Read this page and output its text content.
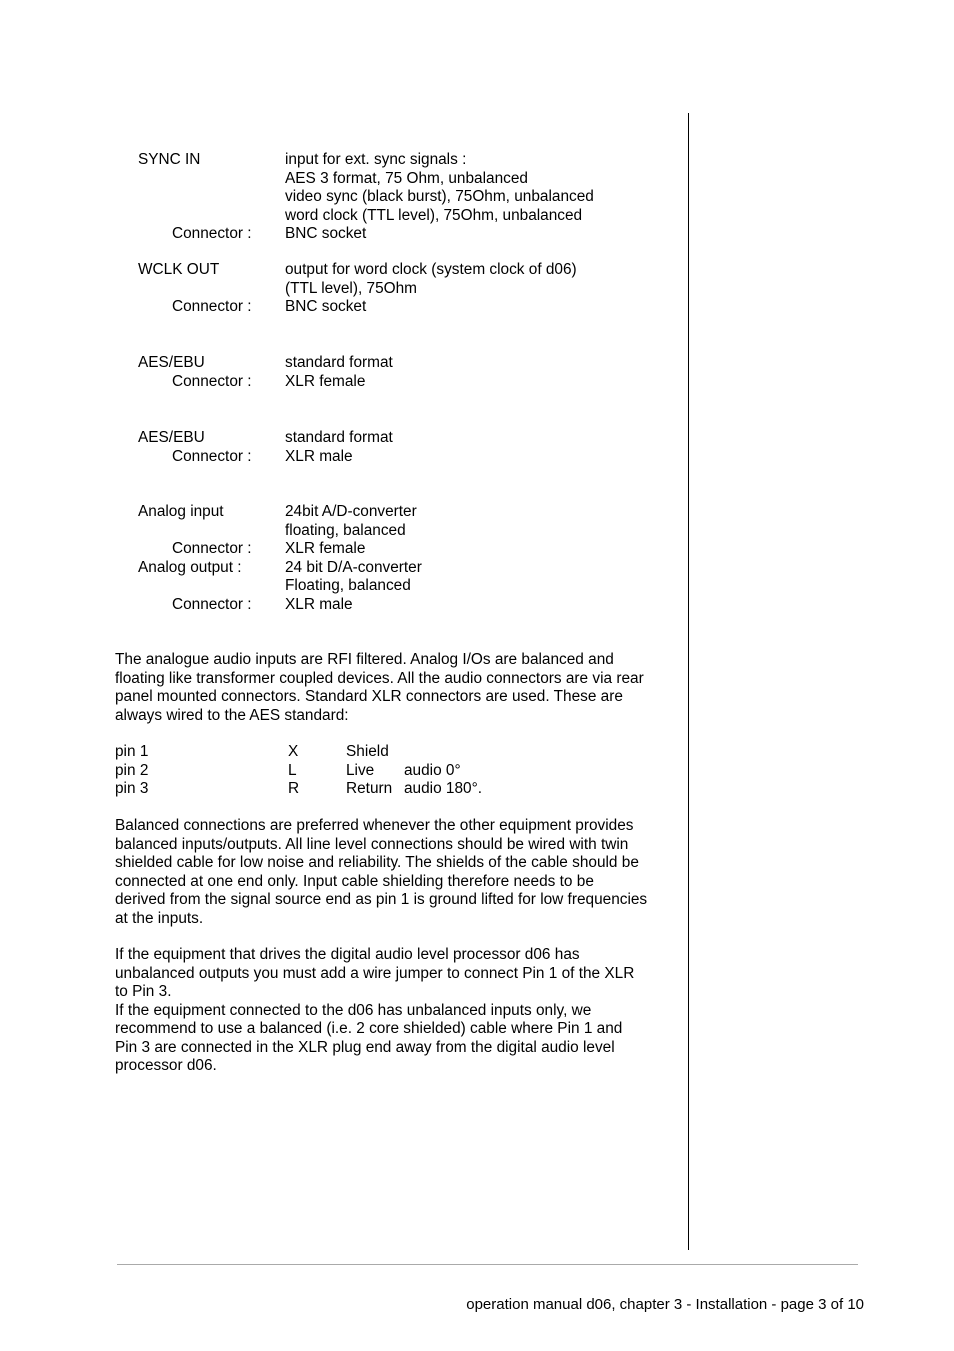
SYNC IN	input for ext. sync signals :
AES 3 format, 75 Ohm, unbalanced
video sync (black burst), 75Ohm, unbalanced
word clock (TTL level), 75Ohm, unbalanced
Connector : BNC socket
WCLK OUT	output for word clock (system clock of d06)
(TTL level), 75Ohm
Connector : BNC socket
AES/EBU	standard format
Connector : XLR female
AES/EBU	standard format
Connector : XLR male
Analog input	24bit A/D-converter
floating, balanced
Connector : XLR female
Analog output :	24 bit D/A-converter
Floating, balanced
Connector : XLR male
The analogue audio inputs are RFI filtered. Analog I/Os are balanced and
floating like transformer coupled devices. All the audio connectors are via rear
panel mounted connectors. Standard XLR connectors are used. These are
always wired to the AES standard:
pin 1	X	Shield
pin 2	L	Live audio 0°
pin 3	R	Return audio 180°.
Balanced connections are preferred whenever the other equipment provides
balanced inputs/outputs. All line level connections should be wired with twin
shielded cable for low noise and reliability. The shields of the cable should be
connected at one end only. Input cable shielding therefore needs to be
derived from the signal source end as pin 1 is ground lifted for low frequencies
at the inputs.
If the equipment that drives the digital audio level processor d06 has
unbalanced outputs you must add a wire jumper to connect Pin 1 of the XLR
to Pin 3.
If the equipment connected to the d06 has unbalanced inputs only, we
recommend to use a balanced (i.e. 2 core shielded) cable where Pin 1 and
Pin 3 are connected in the XLR plug end away from the digital audio level
processor d06.
operation manual d06, chapter 3 - Installation - page 3 of 10
